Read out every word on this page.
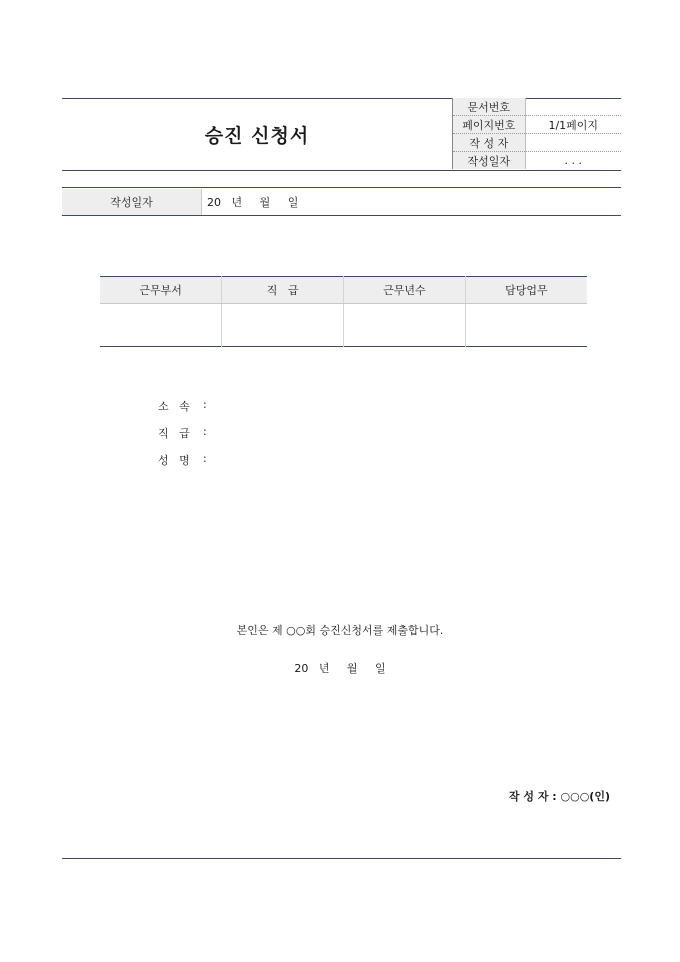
승진 신청서
문서번호	
페이지번호	1/1페이지
작 성 자	
작성일자	. . .
작성일자	20   년     월     일
근무부서	직   급	근무년수	담당업무

소   속	:
직   급	:
성   명	:
본인은 제 ○○회 승진신청서를 제출합니다.
20   년     월     일
작 성 자 : ○○○(인)
